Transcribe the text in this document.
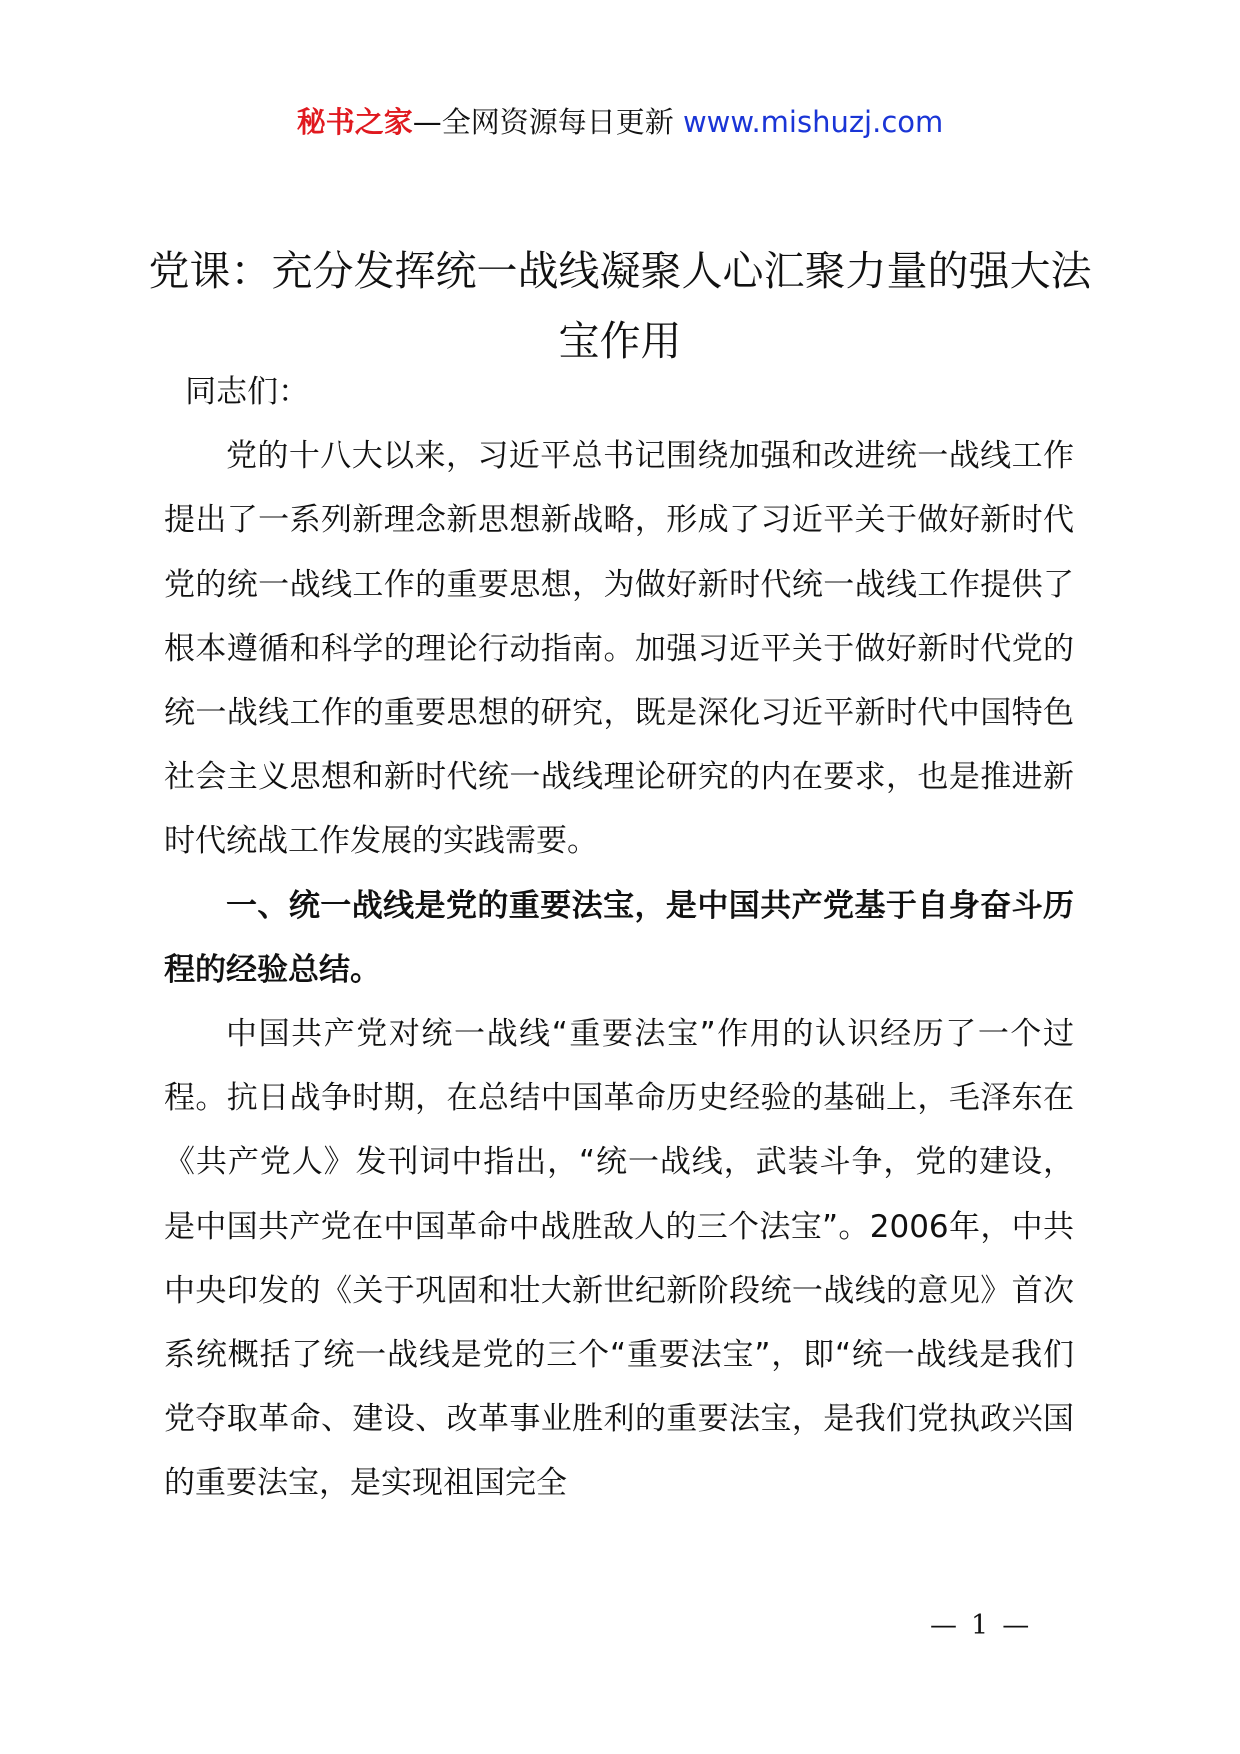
秘书之家—全网资源每日更新 www.mishuzj.com
党课：充分发挥统一战线凝聚人心汇聚力量的强大法宝作用

同志们：

党的十八大以来，习近平总书记围绕加强和改进统一战线工作提出了一系列新理念新思想新战略，形成了习近平关于做好新时代党的统一战线工作的重要思想，为做好新时代统一战线工作提供了根本遵循和科学的理论行动指南。加强习近平关于做好新时代党的统一战线工作的重要思想的研究，既是深化习近平新时代中国特色社会主义思想和新时代统一战线理论研究的内在要求，也是推进新时代统战工作发展的实践需要。

一、统一战线是党的重要法宝，是中国共产党基于自身奋斗历程的经验总结。

中国共产党对统一战线“重要法宝”作用的认识经历了一个过程。抗日战争时期，在总结中国革命历史经验的基础上，毛泽东在《共产党人》发刊词中指出，“统一战线，武装斗争，党的建设，是中国共产党在中国革命中战胜敌人的三个法宝”。2006年，中共中央印发的《关于巩固和壮大新世纪新阶段统一战线的意见》首次系统概括了统一战线是党的三个“重要法宝”，即“统一战线是我们党夺取革命、建设、改革事业胜利的重要法宝，是我们党执政兴国的重要法宝，是实现祖国完全

— 1 —
